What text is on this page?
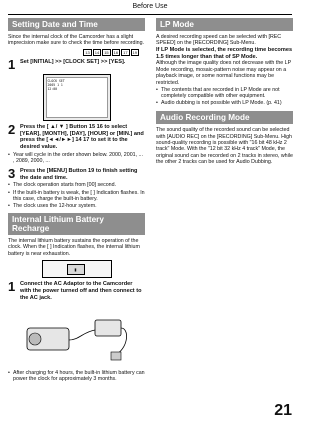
Before Use
Setting Date and Time

Since the internal clock of the Camcorder has a slight imprecision make sure to check the time before recording.

13	14	15	16	17	19
1 Set [INITIAL] >> [CLOCK SET] >> [YES].
CLOCK SET
2005 1 1
12:00
2 Press the [ ▲/ ▼ ] Button 15 16 to select [YEAR], [MONTH], [DAY], [HOUR] or [MIN.] and press the [◄◄/►►] 14 17 to set it to the desired value.
• Year will cycle in the order shown below. 2000, 2001, ... , 2089, 2000, ...
3 Press the [MENU] Button 19 to finish setting the date and time.
• The clock operation starts from [00] second.
• If the built-in battery is weak, the [ ] Indication flashes. In this case, charge the built-in battery.
• The clock uses the 12-hour system.
Internal Lithium Battery Recharge

The internal lithium battery sustains the operation of the clock. When the [ ] Indication flashes, the internal lithium battery is near exhaustion.

▮
1 Connect the AC Adaptor to the Camcorder with the power turned off and then connect to the AC jack.
• After charging for 4 hours, the built-in lithium battery can power the clock for approximately 3 months.
LP Mode

A desired recording speed can be selected with [REC SPEED] on the [RECORDING] Sub-Menu.

If LP Mode is selected, the recording time becomes 1.5 times longer than that of SP Mode.

Although the image quality does not decrease with the LP Mode recording, mosaic-pattern noise may appear on a playback image, or some normal functions may be restricted.

• The contents that are recorded in LP Mode are not completely compatible with other equipment.
• Audio dubbing is not possible with LP Mode. (p. 41)
Audio Recording Mode

The sound quality of the recorded sound can be selected with [AUDIO REC] on the [RECORDING] Sub-Menu. High sound-quality recording is possible with "16 bit 48 kHz 2 track" Mode. With the "12 bit 32 kHz 4 track" Mode, the original sound can be recorded on 2 tracks in stereo, while the other 2 tracks can be used for Audio Dubbing.

21
